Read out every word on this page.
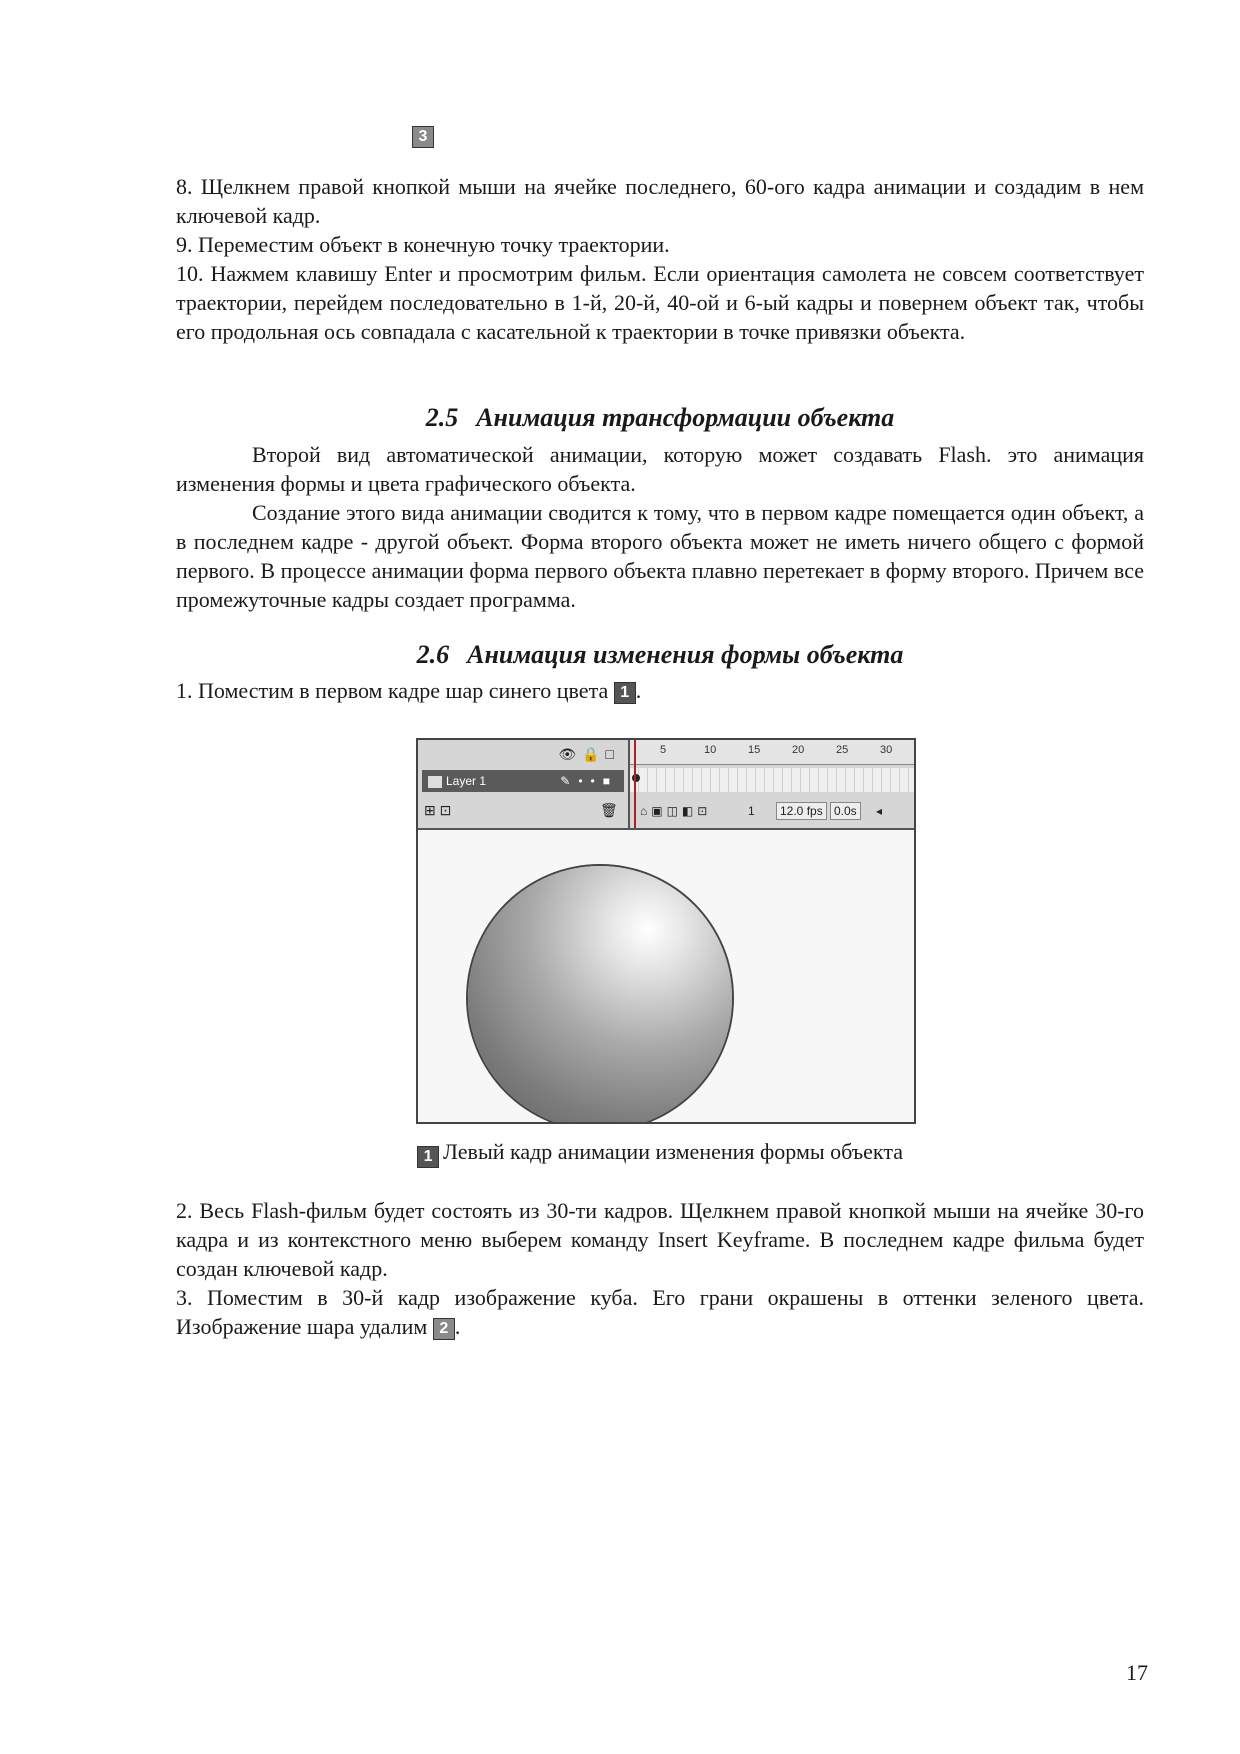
3

8. Щелкнем правой кнопкой мыши на ячейке последнего, 60-ого кадра анимации и создадим в нем ключевой кадр.

9. Переместим объект в конечную точку траектории.

10. Нажмем клавишу Enter и просмотрим фильм. Если ориентация самолета не совсем соответствует траектории, перейдем последовательно в 1-й, 20-й, 40-ой и 6-ый кадры и повернем объект так, чтобы его продольная ось совпадала с касательной к траектории в точке привязки объекта.

2.5 Анимация трансформации объекта

Второй вид автоматической анимации, которую может создавать Flash. это анимация изменения формы и цвета графического объекта.

Создание этого вида анимации сводится к тому, что в первом кадре помещается один объект, а в последнем кадре - другой объект. Форма второго объекта может не иметь ничего общего с формой первого. В процессе анимации форма первого объекта плавно перетекает в форму второго. Причем все промежуточные кадры создает программа.

2.6 Анимация изменения формы объекта

1. Поместим в первом кадре шар синего цвета 1 .

👁🔒□
Layer 1	✎••■
⊞ ⊡	🗑
5	10	15	20	25	30
⌂▣◫◧⊡	1	12.0 fps 0.0s	◂
1 Левый кадр анимации изменения формы объекта

2. Весь Flash-фильм будет состоять из 30-ти кадров. Щелкнем правой кнопкой мыши на ячейке 30-го кадра и из контекстного меню выберем команду Insert Keyframe. В последнем кадре фильма будет создан ключевой кадр.

3. Поместим в 30-й кадр изображение куба. Его грани окрашены в оттенки зеленого цвета. Изображение шара удалим 2 .

17
